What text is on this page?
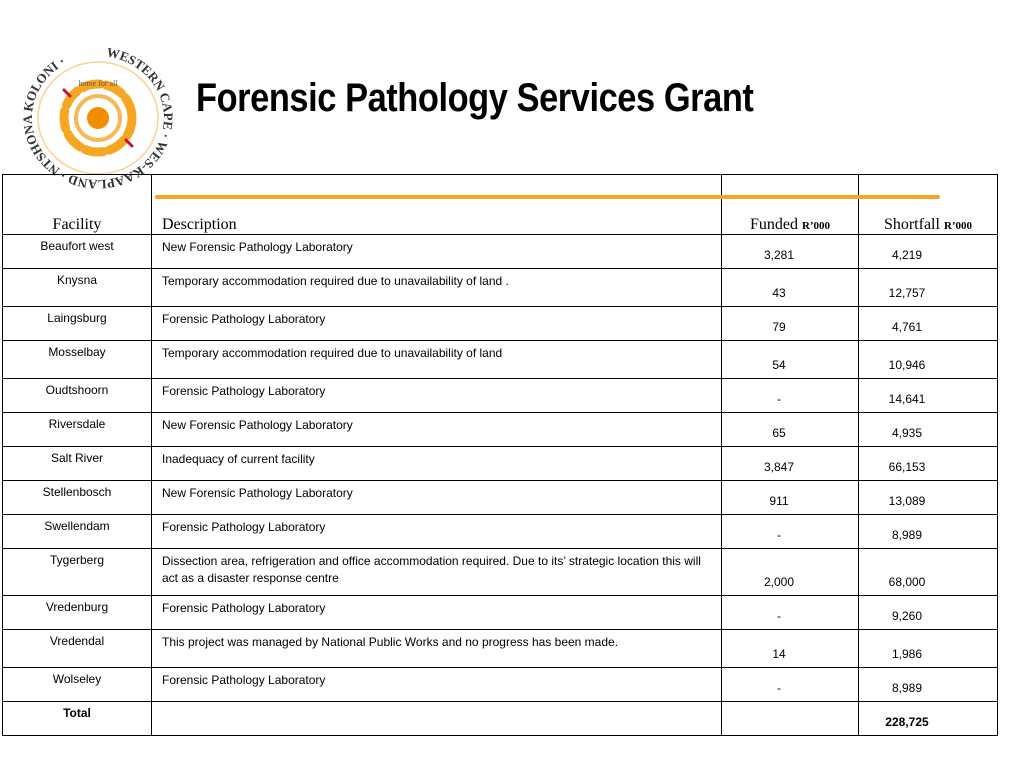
WESTERN CAPE · WES-KAAPLAND · NTSHONA KOLONI ·
home for all Forensic Pathology Services Grant
Facility	Description	Funded R’000	Shortfall R’000
Beaufort west	New Forensic Pathology Laboratory	3,281	4,219
Knysna	Temporary accommodation required due to unavailability of land .	43	12,757
Laingsburg	Forensic Pathology Laboratory	79	4,761
Mosselbay	Temporary accommodation required due to unavailability of land	54	10,946
Oudtshoorn	Forensic Pathology Laboratory	-	14,641
Riversdale	New Forensic Pathology Laboratory	65	4,935
Salt River	Inadequacy of current facility	3,847	66,153
Stellenbosch	New Forensic Pathology Laboratory	911	13,089
Swellendam	Forensic Pathology Laboratory	-	8,989
Tygerberg	Dissection area, refrigeration and office accommodation required. Due to its’ strategic location this will act as a disaster response centre	2,000	68,000
Vredenburg	Forensic Pathology Laboratory	-	9,260
Vredendal	This project was managed by National Public Works and no progress has been made.	14	1,986
Wolseley	Forensic Pathology Laboratory	-	8,989
Total			228,725
